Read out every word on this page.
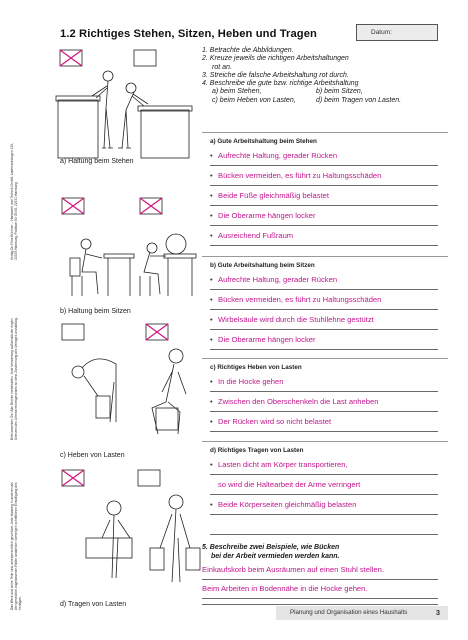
1.2 Richtiges Stehen, Sitzen, Heben und Tragen	Datum:
1. Betrachte die Abbildungen.
2. Kreuze jeweils die richtigen Arbeitshaltungen
rot an.
3. Streiche die falsche Arbeitshaltung rot durch.
4. Beschreibe die gute bzw. richtige Arbeitshaltung
a) beim Stehen,	b) beim Sitzen,
c) beim Heben von Lasten,	d) beim Tragen von Lasten.
Verlag Dr. Felix Büchner – Handwerk und Technik GmbH, Lademannbogen 135, 22339 Hamburg, Postfach 63 05 00, 22331 Hamburg
Bitte beachten Sie: Alle Rechte vorbehalten. Jede Verwertung außerhalb der engen Grenzen des Urheberrechtsgesetzes ist ohne Zustimmung des Verlages unzulässig.
Das Werk und seine Teile sind urheberrechtlich geschützt. Jede Nutzung in anderen als den gesetzlich zugelassenen Fällen bedarf der vorherigen schriftlichen Einwilligung des Verlages.
a) Haltung beim Stehen
b) Haltung beim Sitzen
c) Heben von Lasten
d) Tragen von Lasten
a) Gute Arbeitshaltung beim Stehen
• Aufrechte Haltung, gerader Rücken
• Bücken vermeiden, es führt zu Haltungsschäden
• Beide Füße gleichmäßig belastet
• Die Oberarme hängen locker
• Ausreichend Fußraum
b) Gute Arbeitshaltung beim Sitzen
• Aufrechte Haltung, gerader Rücken
• Bücken vermeiden, es führt zu Haltungsschäden
• Wirbelsäule wird durch die Stuhllehne gestützt
• Die Oberarme hängen locker
c) Richtiges Heben von Lasten
• In die Hocke gehen
• Zwischen den Oberschenkeln die Last anheben
• Der Rücken wird so nicht belastet
d) Richtiges Tragen von Lasten
• Lasten dicht am Körper transportieren,
so wird die Haltearbeit der Arme verringert
• Beide Körperseiten gleichmäßig belasten
5. Beschreibe zwei Beispiele, wie Bücken
bei der Arbeit vermieden werden kann.
Einkaufskorb beim Ausräumen auf einen Stuhl stellen.
Beim Arbeiten in Bodennähe in die Hocke gehen.
Planung und Organisation eines Haushalts	3
